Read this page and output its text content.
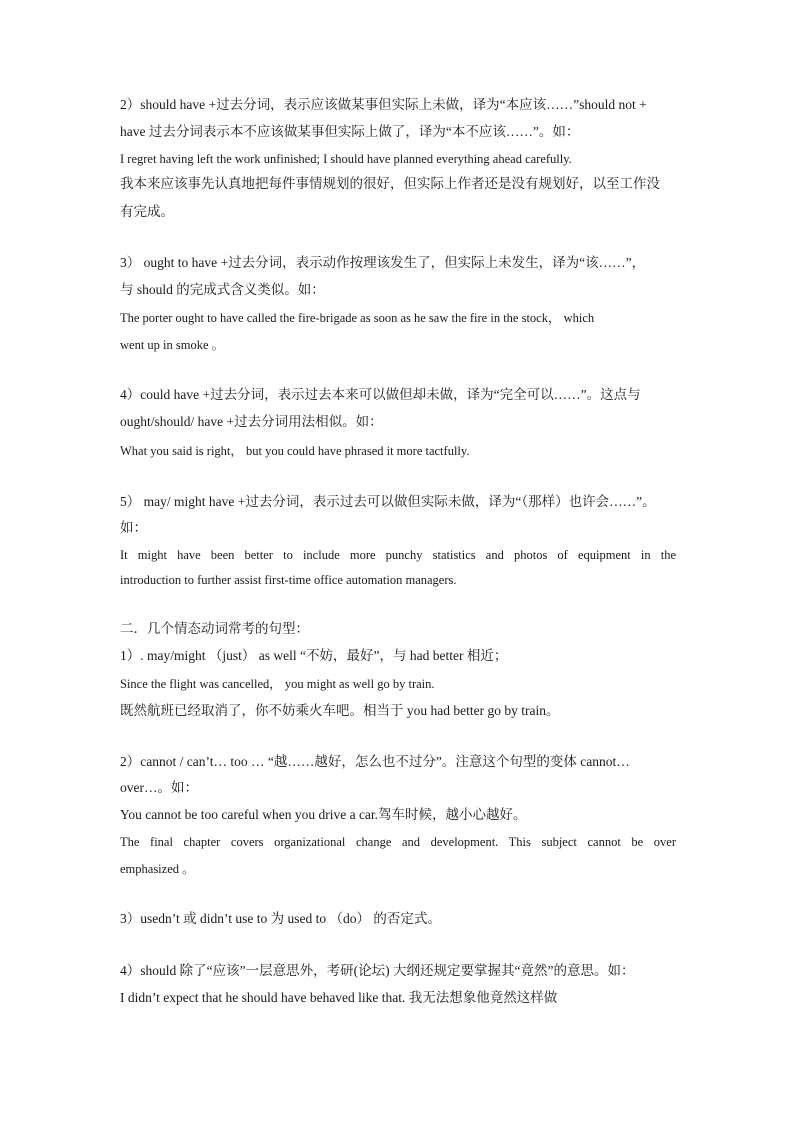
2）should have +过去分词，表示应该做某事但实际上未做，译为“本应该……”should not +
have 过去分词表示本不应该做某事但实际上做了，译为“本不应该……”。如：
I regret having left the work unfinished; I should have planned everything ahead carefully.
我本来应该事先认真地把每件事情规划的很好，但实际上作者还是没有规划好，以至工作没
有完成。
3） ought to have +过去分词，表示动作按理该发生了，但实际上未发生，译为“该……”，
与 should 的完成式含义类似。如：
The porter ought to have called the fire-brigade as soon as he saw the fire in the stock， which
went up in smoke 。
4）could have +过去分词，表示过去本来可以做但却未做，译为“完全可以……”。这点与
ought/should/ have +过去分词用法相似。如：
What you said is right， but you could have phrased it more tactfully.
5） may/ might have +过去分词，表示过去可以做但实际未做，译为“（那样）也许会……”。
如：
It might have been better to include more punchy statistics and photos of equipment in the
introduction to further assist first-time office automation managers.
二．几个情态动词常考的句型：
1）. may/might （just） as well “不妨，最好”，与 had better 相近；
Since the flight was cancelled， you might as well go by train.
既然航班已经取消了，你不妨乘火车吧。相当于 you had better go by train。
2）cannot / can’t… too … “越……越好，怎么也不过分”。注意这个句型的变体 cannot…
over…。如：
You cannot be too careful when you drive a car.驾车时候，越小心越好。
The final chapter covers organizational change and development. This subject cannot be over
emphasized 。
3）usedn’t 或 didn’t use to 为 used to （do） 的否定式。
4）should 除了“应该”一层意思外，考研(论坛) 大纲还规定要掌握其“竟然”的意思。如：
I didn’t expect that he should have behaved like that. 我无法想象他竟然这样做
